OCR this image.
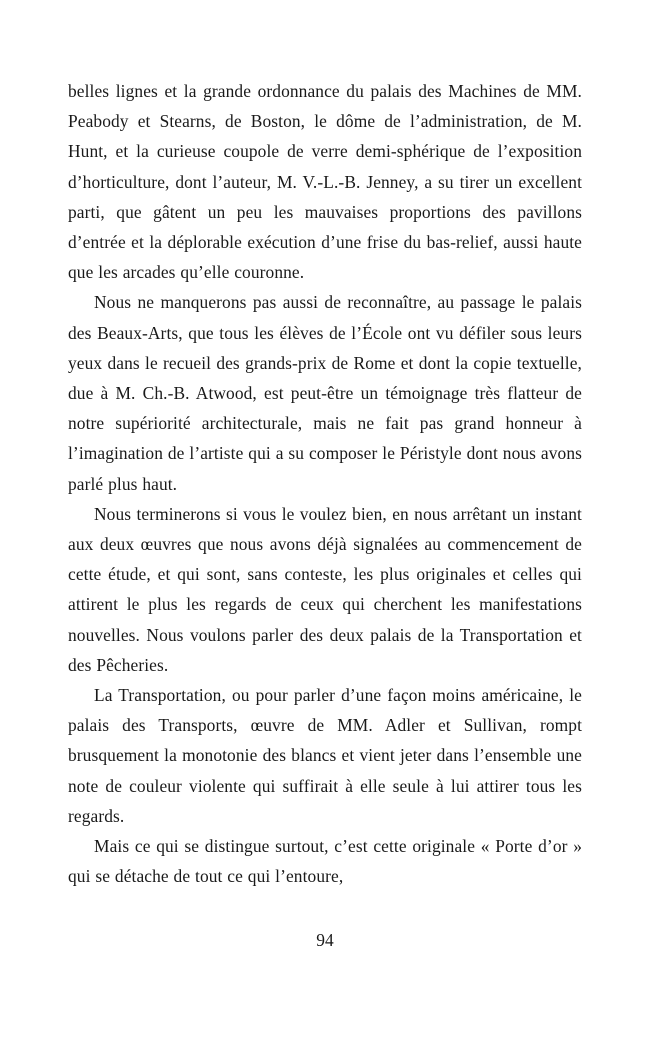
belles lignes et la grande ordonnance du palais des Machines de MM. Peabody et Stearns, de Boston, le dôme de l’administration, de M. Hunt, et la curieuse coupole de verre demi-sphérique de l’exposition d’horticulture, dont l’auteur, M. V.-L.-B. Jenney, a su tirer un excellent parti, que gâtent un peu les mauvaises proportions des pavillons d’entrée et la déplorable exécution d’une frise du bas-relief, aussi haute que les arcades qu’elle couronne.

Nous ne manquerons pas aussi de reconnaître, au passage le palais des Beaux-Arts, que tous les élèves de l’École ont vu défiler sous leurs yeux dans le recueil des grands-prix de Rome et dont la copie textuelle, due à M. Ch.-B. Atwood, est peut-être un témoignage très flatteur de notre supériorité architecturale, mais ne fait pas grand honneur à l’imagination de l’artiste qui a su composer le Péristyle dont nous avons parlé plus haut.

Nous terminerons si vous le voulez bien, en nous arrêtant un instant aux deux œuvres que nous avons déjà signalées au commencement de cette étude, et qui sont, sans conteste, les plus originales et celles qui attirent le plus les regards de ceux qui cherchent les manifestations nouvelles. Nous voulons parler des deux palais de la Transportation et des Pêcheries.

La Transportation, ou pour parler d’une façon moins américaine, le palais des Transports, œuvre de MM. Adler et Sullivan, rompt brusquement la monotonie des blancs et vient jeter dans l’ensemble une note de couleur violente qui suffirait à elle seule à lui attirer tous les regards.

Mais ce qui se distingue surtout, c’est cette originale « Porte d’or » qui se détache de tout ce qui l’entoure,

94
